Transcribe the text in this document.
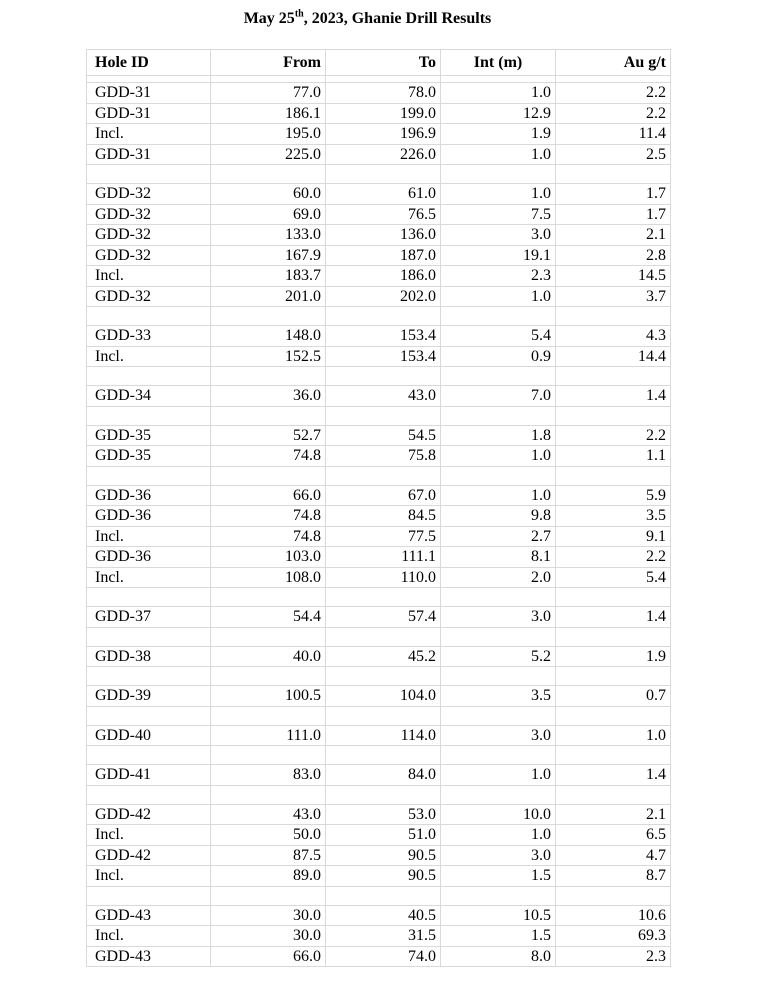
May 25th, 2023, Ghanie Drill Results
Hole ID	From	To	Int (m)	Au g/t

GDD-31	77.0	78.0	1.0	2.2
GDD-31	186.1	199.0	12.9	2.2
Incl.	195.0	196.9	1.9	11.4
GDD-31	225.0	226.0	1.0	2.5

GDD-32	60.0	61.0	1.0	1.7
GDD-32	69.0	76.5	7.5	1.7
GDD-32	133.0	136.0	3.0	2.1
GDD-32	167.9	187.0	19.1	2.8
Incl.	183.7	186.0	2.3	14.5
GDD-32	201.0	202.0	1.0	3.7

GDD-33	148.0	153.4	5.4	4.3
Incl.	152.5	153.4	0.9	14.4

GDD-34	36.0	43.0	7.0	1.4

GDD-35	52.7	54.5	1.8	2.2
GDD-35	74.8	75.8	1.0	1.1

GDD-36	66.0	67.0	1.0	5.9
GDD-36	74.8	84.5	9.8	3.5
Incl.	74.8	77.5	2.7	9.1
GDD-36	103.0	111.1	8.1	2.2
Incl.	108.0	110.0	2.0	5.4

GDD-37	54.4	57.4	3.0	1.4

GDD-38	40.0	45.2	5.2	1.9

GDD-39	100.5	104.0	3.5	0.7

GDD-40	111.0	114.0	3.0	1.0

GDD-41	83.0	84.0	1.0	1.4

GDD-42	43.0	53.0	10.0	2.1
Incl.	50.0	51.0	1.0	6.5
GDD-42	87.5	90.5	3.0	4.7
Incl.	89.0	90.5	1.5	8.7

GDD-43	30.0	40.5	10.5	10.6
Incl.	30.0	31.5	1.5	69.3
GDD-43	66.0	74.0	8.0	2.3
